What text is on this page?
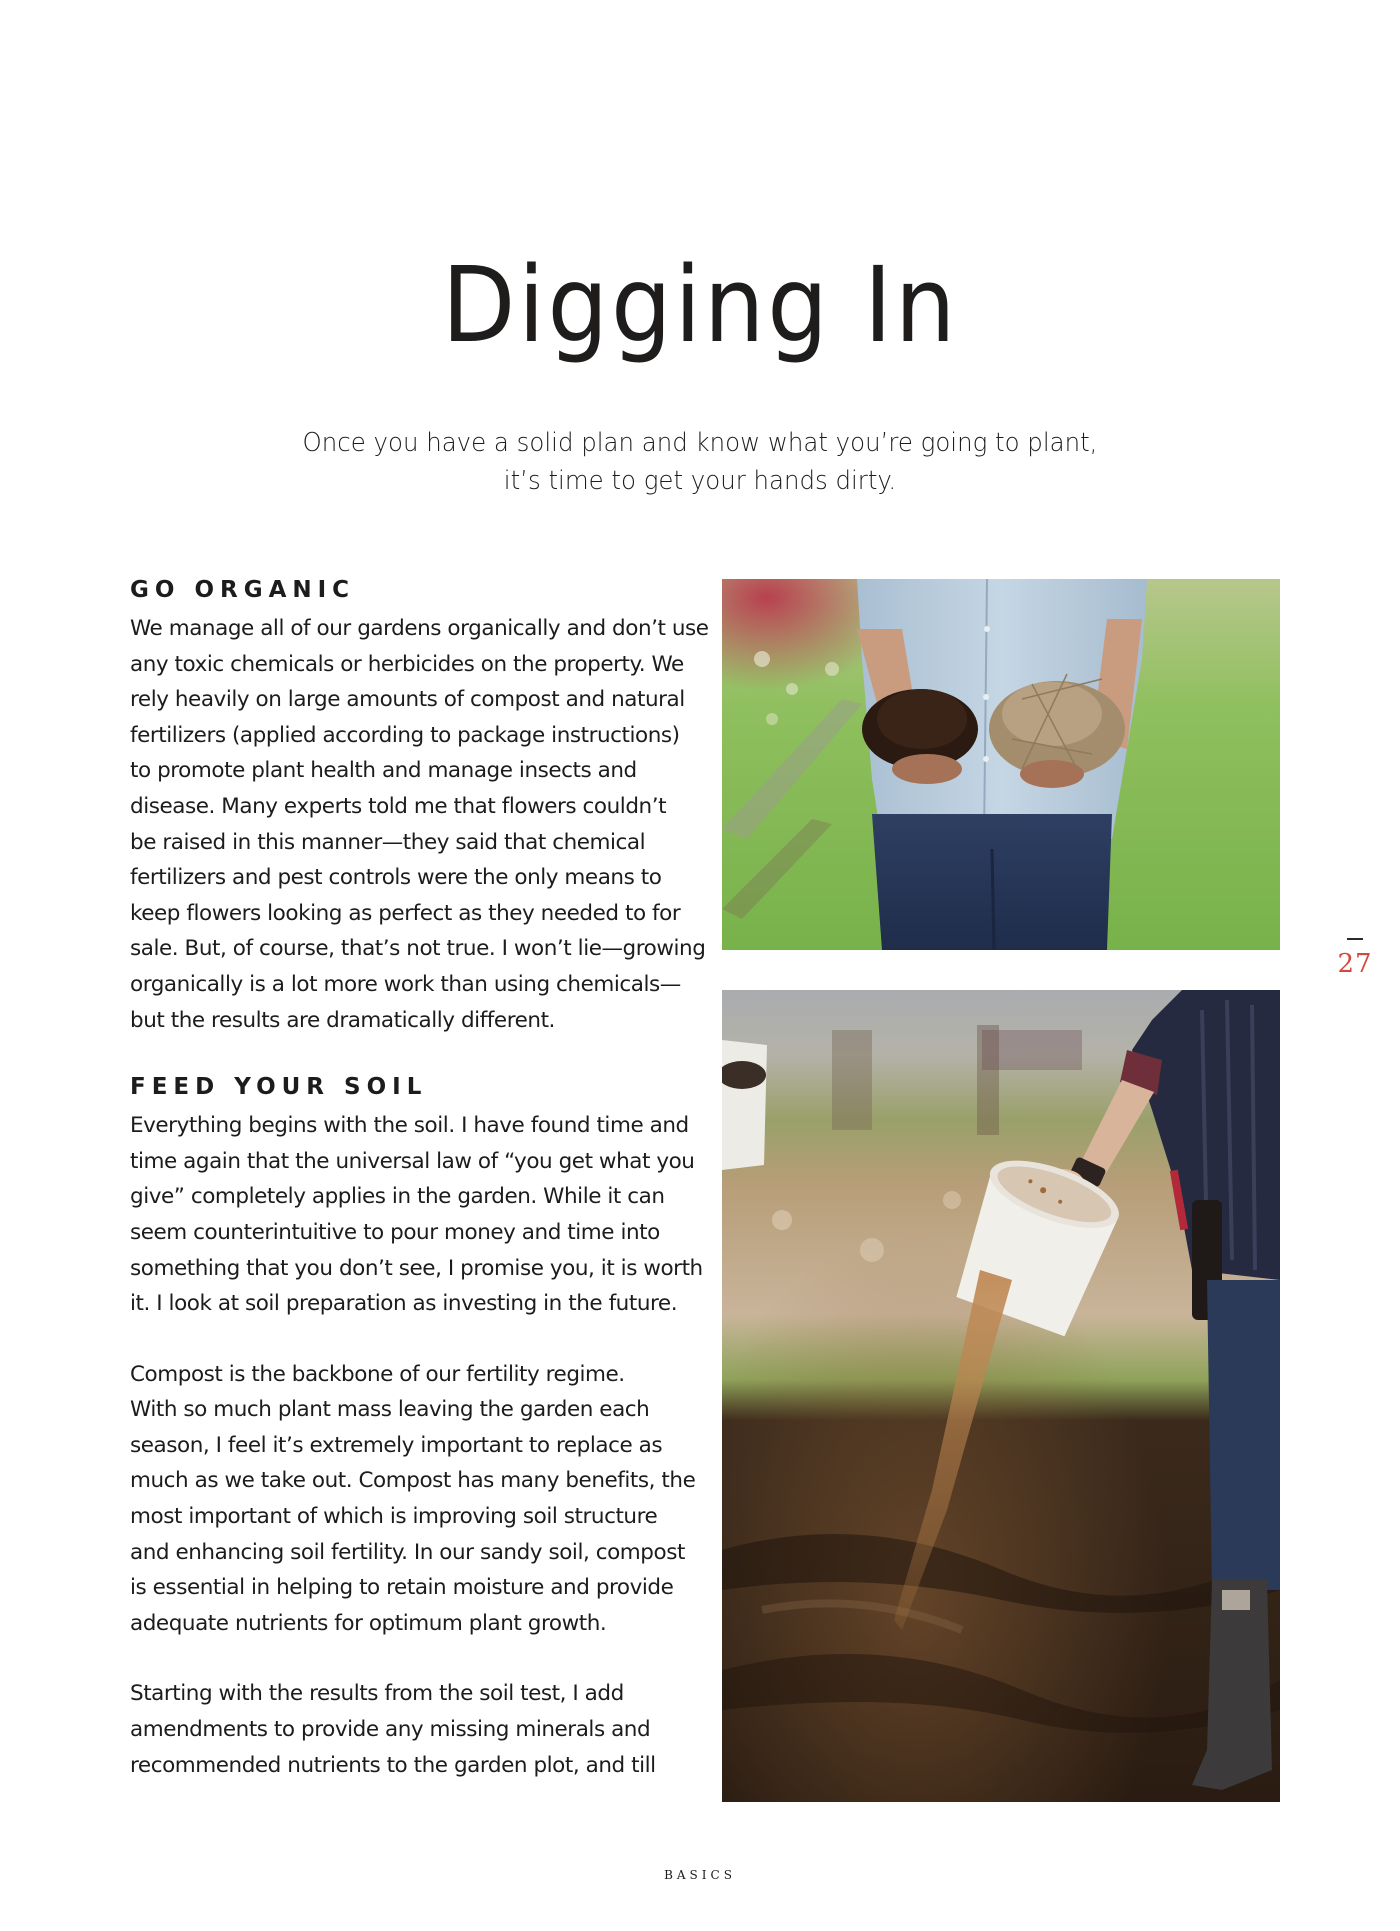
Digging In
Once you have a solid plan and know what you’re going to plant,
it’s time to get your hands dirty.
GO ORGANIC
We manage all of our gardens organically and don’t use
any toxic chemicals or herbicides on the property. We
rely heavily on large amounts of compost and natural
fertilizers (applied according to package instructions)
to promote plant health and manage insects and
disease. Many experts told me that flowers couldn’t
be raised in this manner—they said that chemical
fertilizers and pest controls were the only means to
keep flowers looking as perfect as they needed to for
sale. But, of course, that’s not true. I won’t lie—growing
organically is a lot more work than using chemicals—
but the results are dramatically different.
FEED YOUR SOIL
Everything begins with the soil. I have found time and
time again that the universal law of “you get what you
give” completely applies in the garden. While it can
seem counterintuitive to pour money and time into
something that you don’t see, I promise you, it is worth
it. I look at soil preparation as investing in the future.
Compost is the backbone of our fertility regime.
With so much plant mass leaving the garden each
season, I feel it’s extremely important to replace as
much as we take out. Compost has many benefits, the
most important of which is improving soil structure
and enhancing soil fertility. In our sandy soil, compost
is essential in helping to retain moisture and provide
adequate nutrients for optimum plant growth.
Starting with the results from the soil test, I add
amendments to provide any missing minerals and
recommended nutrients to the garden plot, and till
27
BASICS
